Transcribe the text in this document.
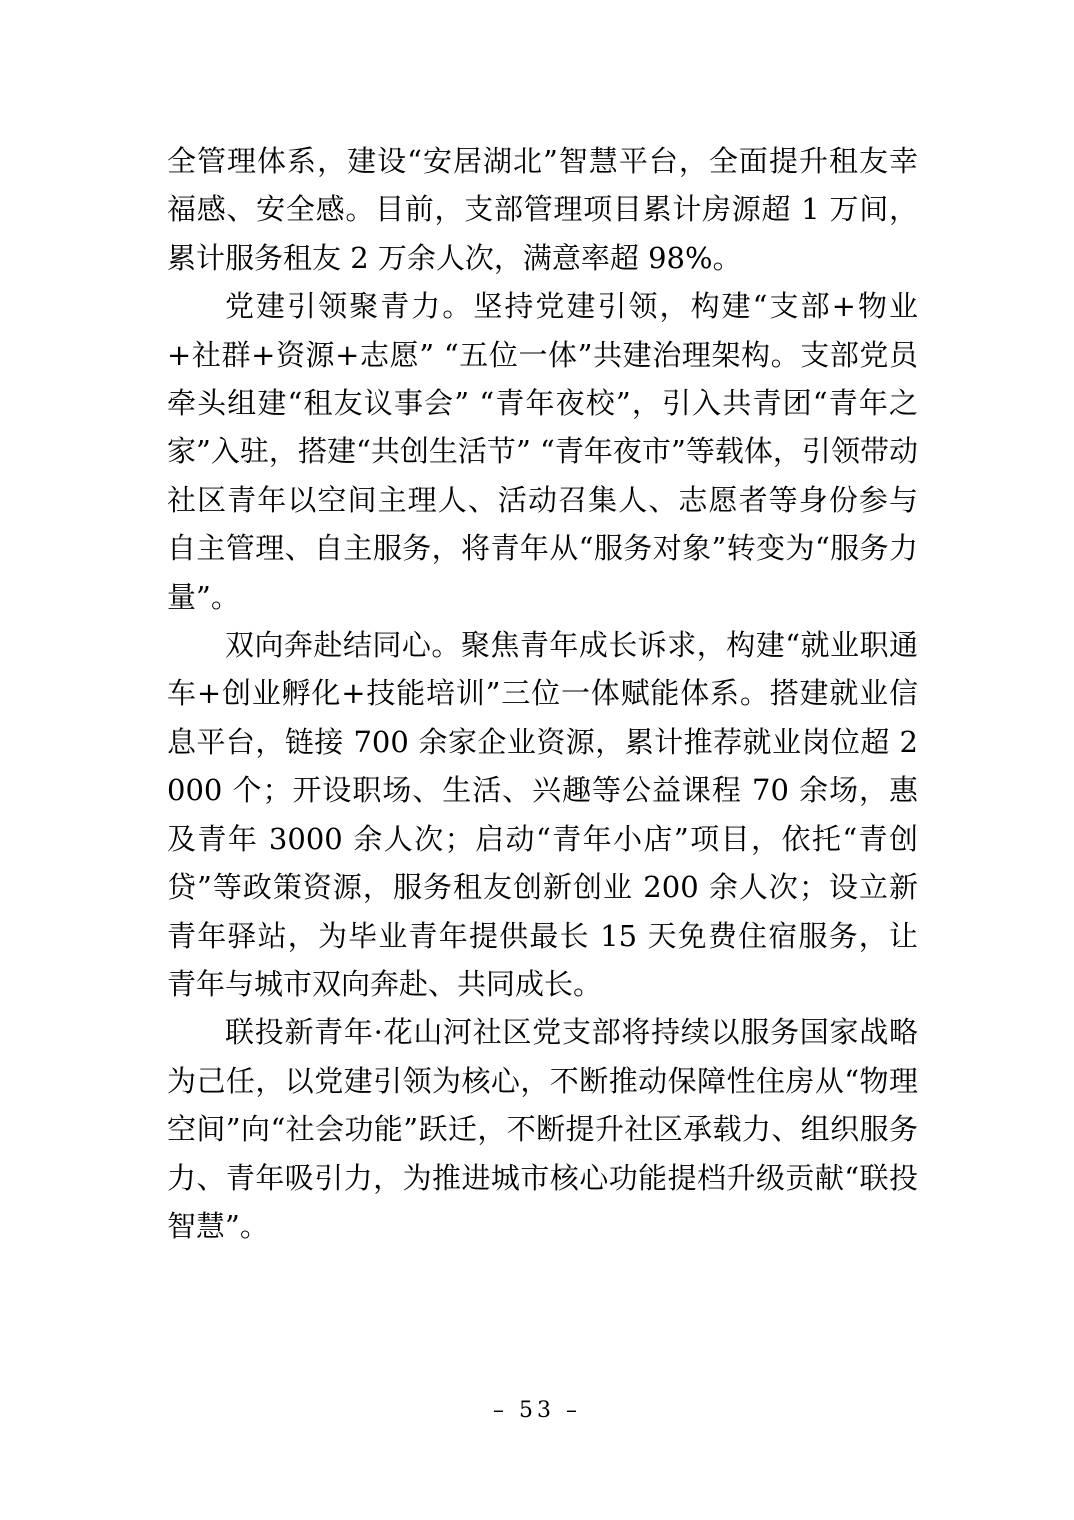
全管理体系，建设“安居湖北”智慧平台，全面提升租友幸福感、安全感。目前，支部管理项目累计房源超 1 万间，累计服务租友 2 万余人次，满意率超 98%。

党建引领聚青力。坚持党建引领，构建“支部+物业+社群+资源+志愿” “五位一体”共建治理架构。支部党员牵头组建“租友议事会” “青年夜校”，引入共青团“青年之家”入驻，搭建“共创生活节” “青年夜市”等载体，引领带动社区青年以空间主理人、活动召集人、志愿者等身份参与自主管理、自主服务，将青年从“服务对象”转变为“服务力量”。

双向奔赴结同心。聚焦青年成长诉求，构建“就业职通车+创业孵化+技能培训”三位一体赋能体系。搭建就业信息平台，链接 700 余家企业资源，累计推荐就业岗位超 2000 个；开设职场、生活、兴趣等公益课程 70 余场，惠及青年 3000 余人次；启动“青年小店”项目，依托“青创贷”等政策资源，服务租友创新创业 200 余人次；设立新青年驿站，为毕业青年提供最长 15 天免费住宿服务，让青年与城市双向奔赴、共同成长。

联投新青年·花山河社区党支部将持续以服务国家战略为己任，以党建引领为核心，不断推动保障性住房从“物理空间”向“社会功能”跃迁，不断提升社区承载力、组织服务力、青年吸引力，为推进城市核心功能提档升级贡献“联投智慧”。

– 53 –
